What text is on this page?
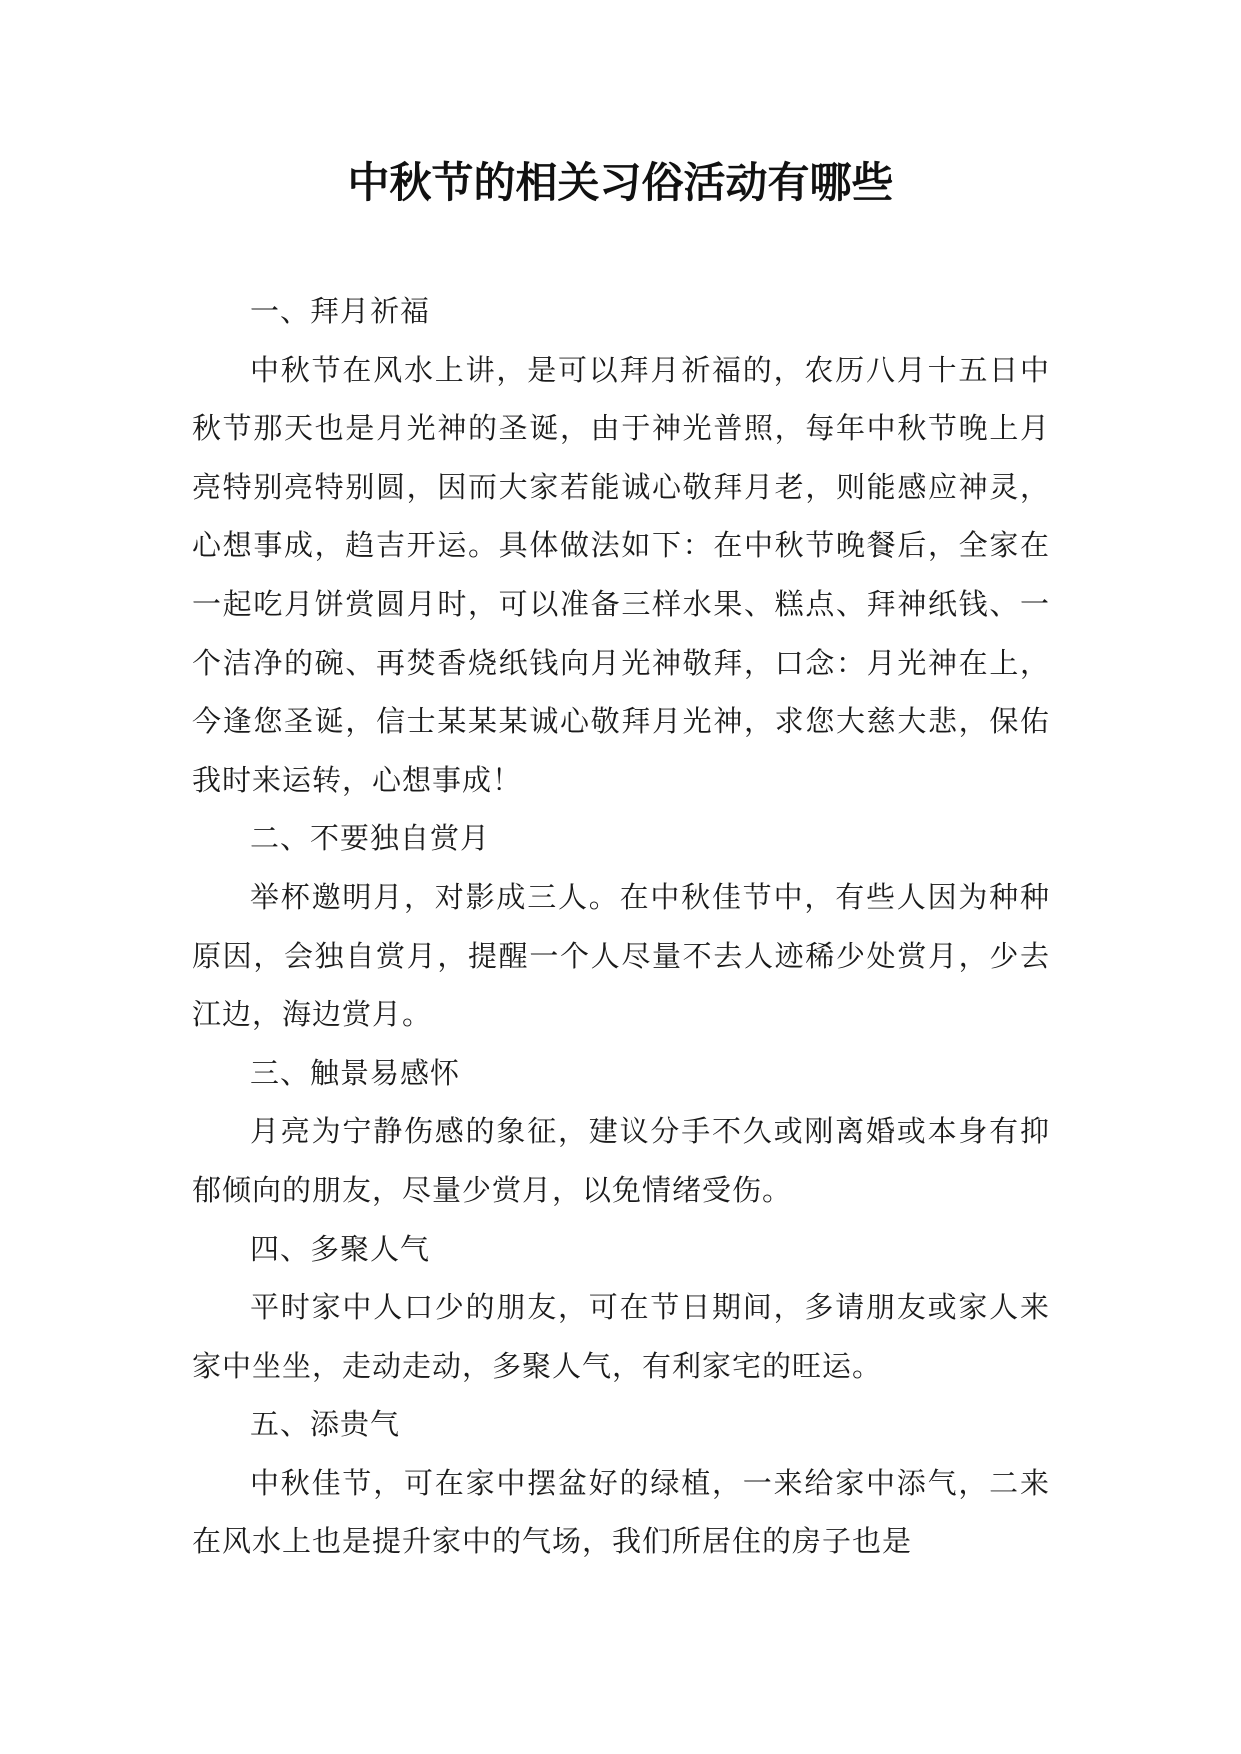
中秋节的相关习俗活动有哪些

一、拜月祈福

中秋节在风水上讲，是可以拜月祈福的，农历八月十五日中秋节那天也是月光神的圣诞，由于神光普照，每年中秋节晚上月亮特别亮特别圆，因而大家若能诚心敬拜月老，则能感应神灵，心想事成，趋吉开运。具体做法如下：在中秋节晚餐后，全家在一起吃月饼赏圆月时，可以准备三样水果、糕点、拜神纸钱、一个洁净的碗、再焚香烧纸钱向月光神敬拜，口念：月光神在上，今逢您圣诞，信士某某某诚心敬拜月光神，求您大慈大悲，保佑我时来运转，心想事成！

二、不要独自赏月

举杯邀明月，对影成三人。在中秋佳节中，有些人因为种种原因，会独自赏月，提醒一个人尽量不去人迹稀少处赏月，少去江边，海边赏月。

三、触景易感怀

月亮为宁静伤感的象征，建议分手不久或刚离婚或本身有抑郁倾向的朋友，尽量少赏月，以免情绪受伤。

四、多聚人气

平时家中人口少的朋友，可在节日期间，多请朋友或家人来家中坐坐，走动走动，多聚人气，有利家宅的旺运。

五、添贵气

中秋佳节，可在家中摆盆好的绿植，一来给家中添气，二来在风水上也是提升家中的气场，我们所居住的房子也是
